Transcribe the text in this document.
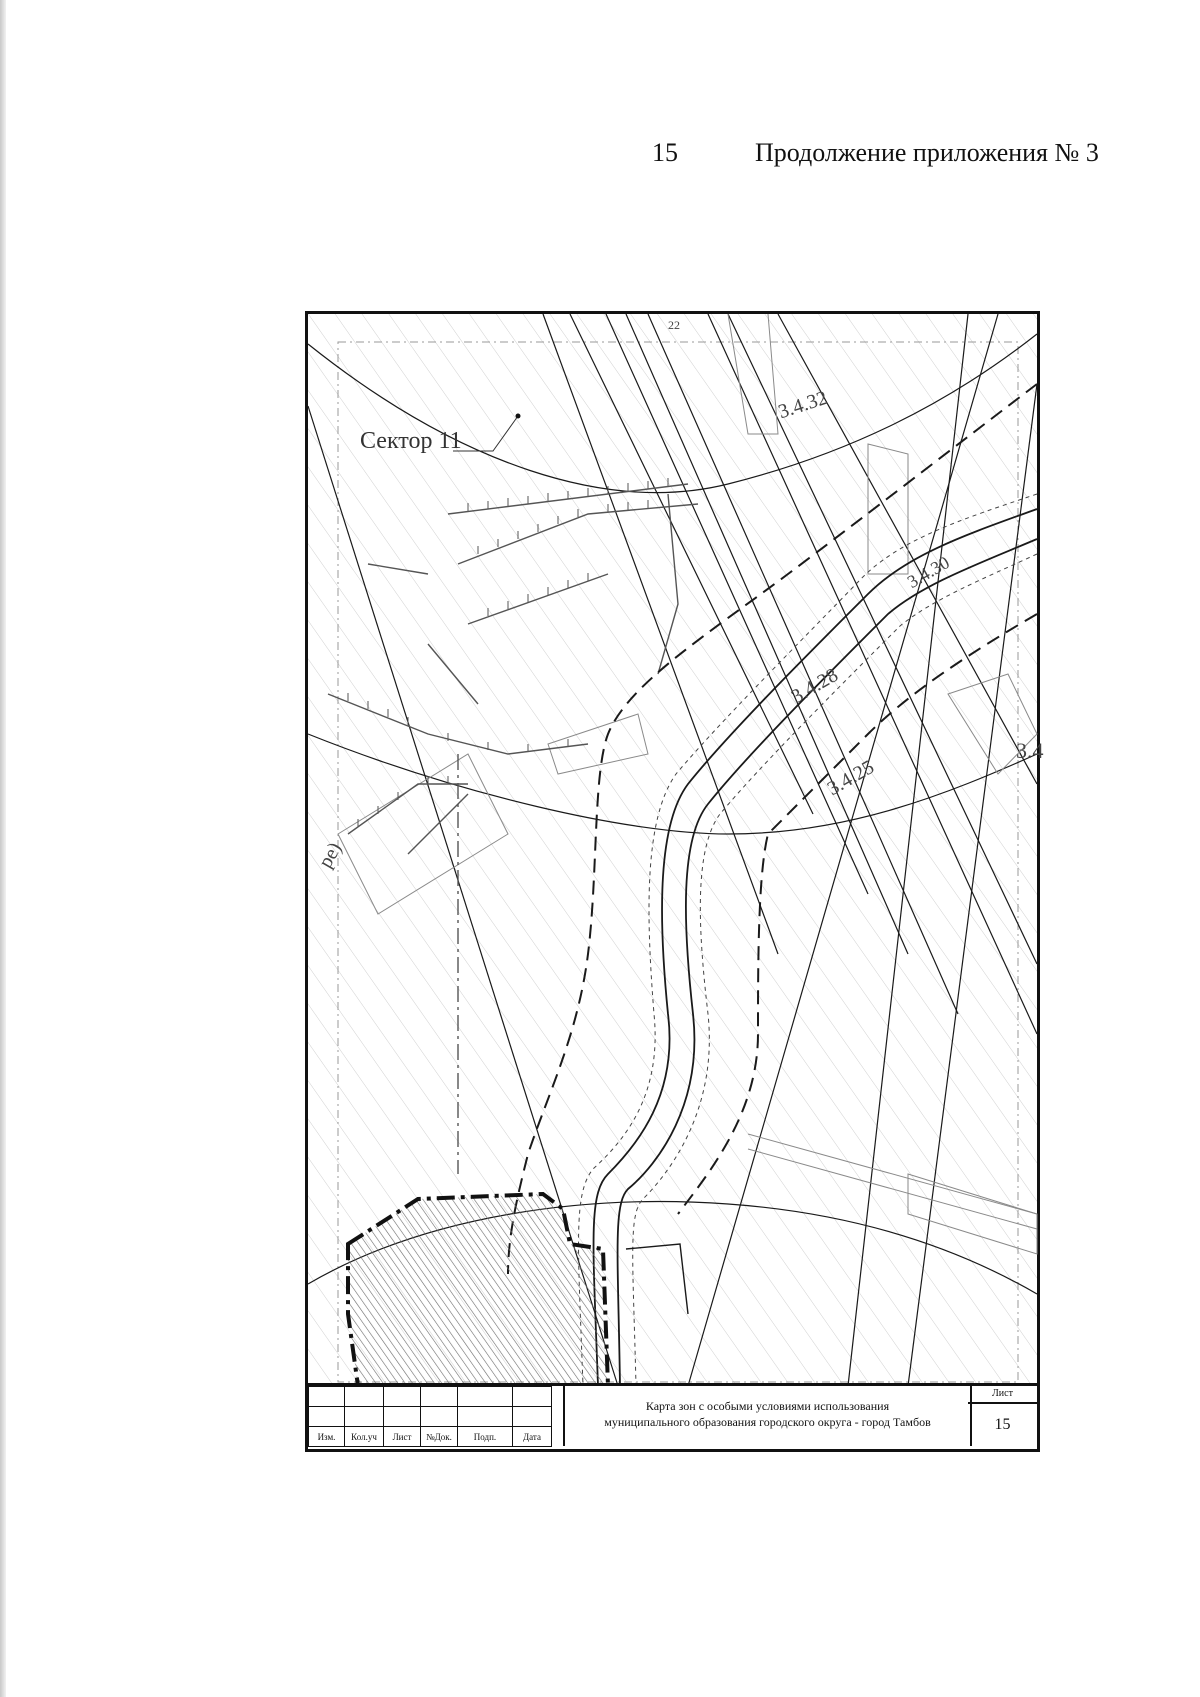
15	Продолжение приложения № 3
Сектор 11
3.4.32
3.4.30
3.4.28
3.4.25
3.4
22
ре)

Изм.	Кол.уч	Лист	№Док.	Подп.	Дата
Карта зон с особыми условиями использования
муниципального образования городского округа - город Тамбов
Лист
15
